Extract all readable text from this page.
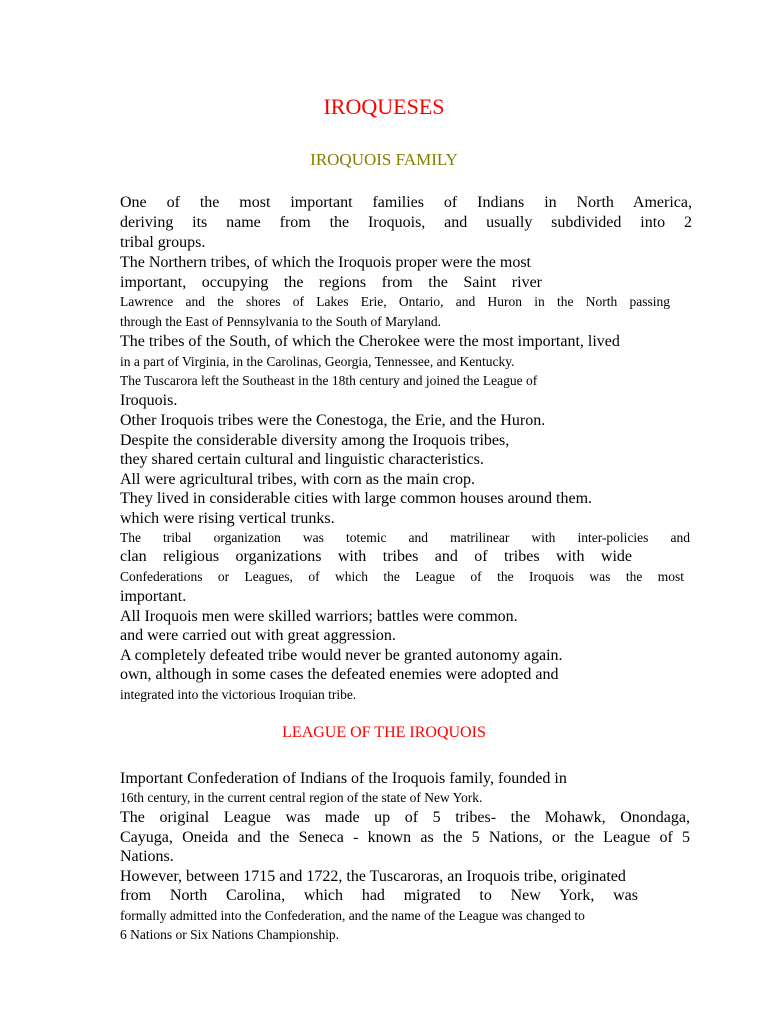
IROQUESES
IROQUOIS FAMILY
One of the most important families of Indians in North America,
deriving its name from the Iroquois, and usually subdivided into 2
tribal groups.
The Northern tribes, of which the Iroquois proper were the most
important, occupying the regions from the Saint river
Lawrence and the shores of Lakes Erie, Ontario, and Huron in the North passing
through the East of Pennsylvania to the South of Maryland.
The tribes of the South, of which the Cherokee were the most important, lived
in a part of Virginia, in the Carolinas, Georgia, Tennessee, and Kentucky.
The Tuscarora left the Southeast in the 18th century and joined the League of
Iroquois.
Other Iroquois tribes were the Conestoga, the Erie, and the Huron.
Despite the considerable diversity among the Iroquois tribes,
they shared certain cultural and linguistic characteristics.
All were agricultural tribes, with corn as the main crop.
They lived in considerable cities with large common houses around them.
which were rising vertical trunks.
The tribal organization was totemic and matrilinear with inter-policies and
clan religious organizations with tribes and of tribes with wide
Confederations or Leagues, of which the League of the Iroquois was the most
important.
All Iroquois men were skilled warriors; battles were common.
and were carried out with great aggression.
A completely defeated tribe would never be granted autonomy again.
own, although in some cases the defeated enemies were adopted and
integrated into the victorious Iroquian tribe.
LEAGUE OF THE IROQUOIS
Important Confederation of Indians of the Iroquois family, founded in
16th century, in the current central region of the state of New York.
The original League was made up of 5 tribes- the Mohawk, Onondaga,
Cayuga, Oneida and the Seneca - known as the 5 Nations, or the League of 5
Nations.
However, between 1715 and 1722, the Tuscaroras, an Iroquois tribe, originated
from North Carolina, which had migrated to New York, was
formally admitted into the Confederation, and the name of the League was changed to
6 Nations or Six Nations Championship.
